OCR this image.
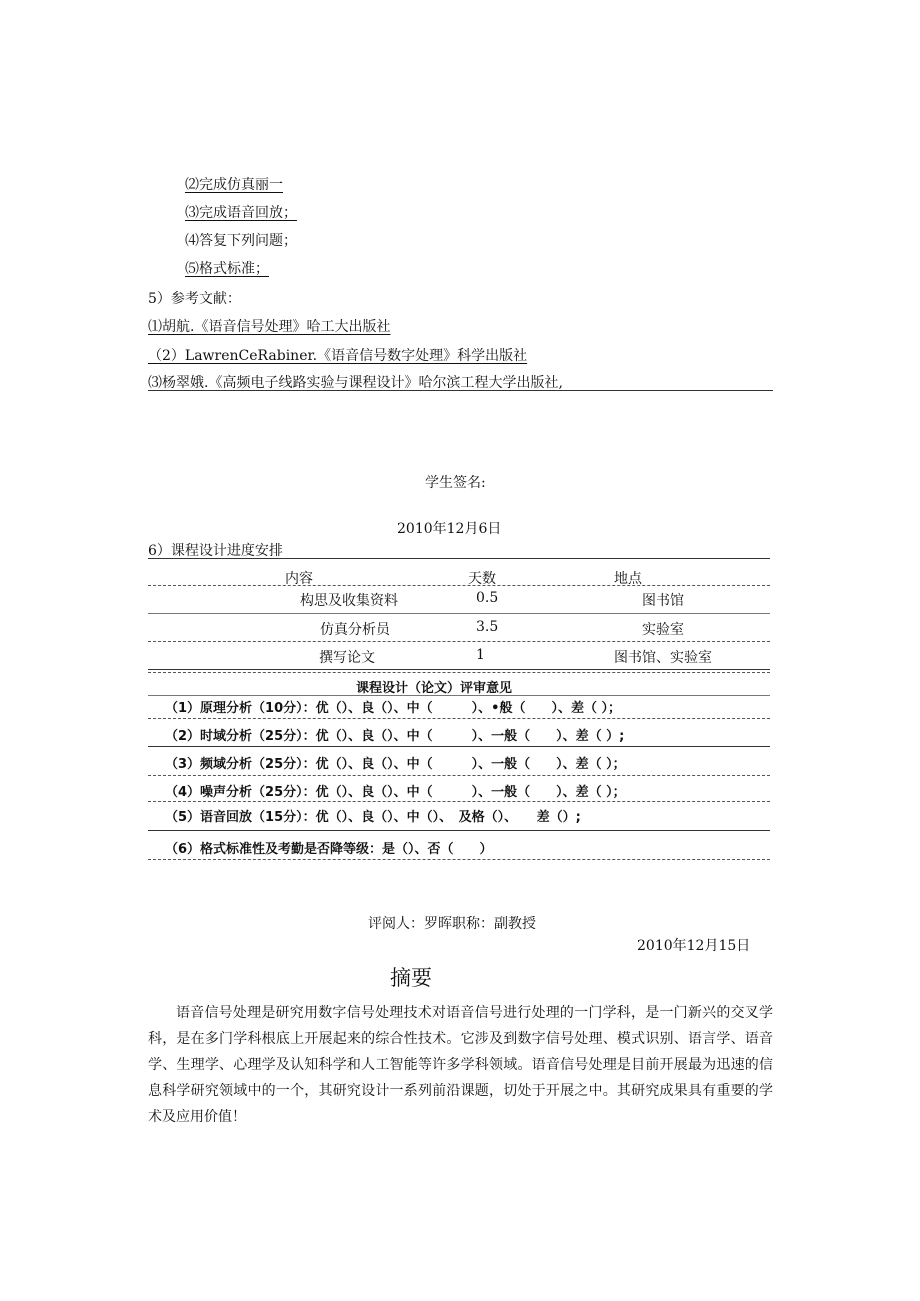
⑵完成仿真丽一
⑶完成语音回放；
⑷答复下列问题；
⑸格式标准；
5）参考文献：
⑴胡航.《语音信号处理》哈工大出版社
（2）LawrenCeRabiner.《语音信号数字处理》科学出版社
⑶杨翠娥.《高频电子线路实验与课程设计》哈尔滨工程大学出版社,
学生签名:
2010年12月6日
6）课程设计进度安排
内容	天数	地点
构思及收集资料	0.5	图书馆
仿真分析员	3.5	实验室
撰写论文	1	图书馆、实验室
课程设计（论文）评审意见
（1）原理分析（10分）：优（）、良（）、中（　　　）、•般（　　）、差（ ）；
（2）时域分析（25分）：优（）、良（）、中（　　　）、一般（　　）、差（ ）;
（3）频域分析（25分）：优（）、良（）、中（　　　）、一般（　　）、差（ ）；
（4）噪声分析（25分）：优（）、良（）、中（　　　）、一般（　　）、差（ ）；
（5）语音回放（15分）：优（）、良（）、中（）、　及格（）、　　差（）;
（6）格式标准性及考勤是否降等级：是（）、否（　　）
评阅人：罗晖职称：副教授
2010年12月15日
摘要
语音信号处理是研究用数字信号处理技术对语音信号进行处理的一门学科，是一门新兴的交叉学科，是在多门学科根底上开展起来的综合性技术。它涉及到数字信号处理、模式识别、语言学、语音学、生理学、心理学及认知科学和人工智能等许多学科领域。语音信号处理是目前开展最为迅速的信息科学研究领域中的一个，其研究设计一系列前沿课题，切处于开展之中。其研究成果具有重要的学术及应用价值！
